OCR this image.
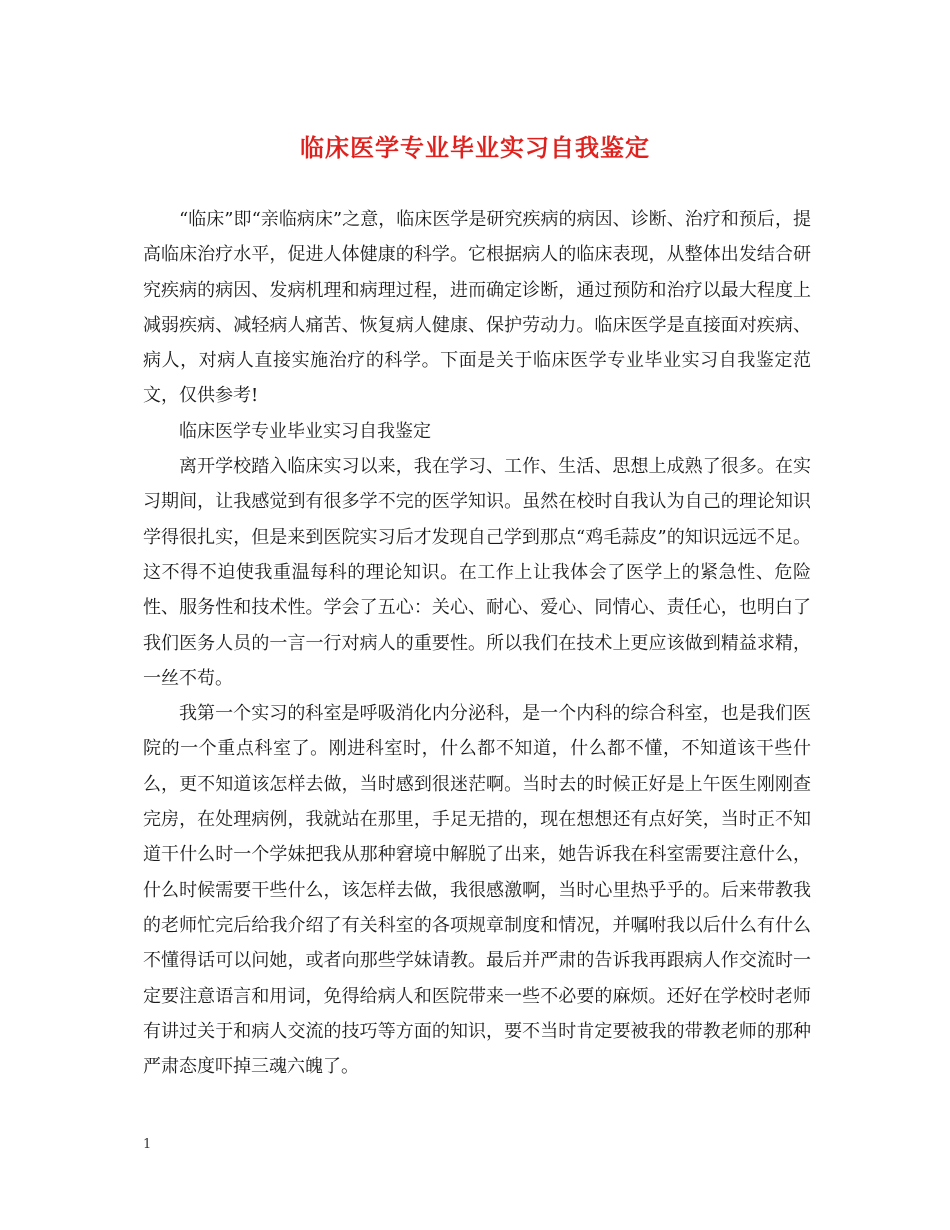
临床医学专业毕业实习自我鉴定

“临床”即“亲临病床”之意，临床医学是研究疾病的病因、诊断、治疗和预后，提高临床治疗水平，促进人体健康的科学。它根据病人的临床表现，从整体出发结合研究疾病的病因、发病机理和病理过程，进而确定诊断，通过预防和治疗以最大程度上减弱疾病、减轻病人痛苦、恢复病人健康、保护劳动力。临床医学是直接面对疾病、病人，对病人直接实施治疗的科学。下面是关于临床医学专业毕业实习自我鉴定范文，仅供参考!

临床医学专业毕业实习自我鉴定

离开学校踏入临床实习以来，我在学习、工作、生活、思想上成熟了很多。在实习期间，让我感觉到有很多学不完的医学知识。虽然在校时自我认为自己的理论知识学得很扎实，但是来到医院实习后才发现自己学到那点“鸡毛蒜皮”的知识远远不足。这不得不迫使我重温每科的理论知识。在工作上让我体会了医学上的紧急性、危险性、服务性和技术性。学会了五心：关心、耐心、爱心、同情心、责任心，也明白了我们医务人员的一言一行对病人的重要性。所以我们在技术上更应该做到精益求精，一丝不苟。

我第一个实习的科室是呼吸消化内分泌科，是一个内科的综合科室，也是我们医院的一个重点科室了。刚进科室时，什么都不知道，什么都不懂，不知道该干些什么，更不知道该怎样去做，当时感到很迷茫啊。当时去的时候正好是上午医生刚刚查完房，在处理病例，我就站在那里，手足无措的，现在想想还有点好笑，当时正不知道干什么时一个学妹把我从那种窘境中解脱了出来，她告诉我在科室需要注意什么，什么时候需要干些什么，该怎样去做，我很感激啊，当时心里热乎乎的。后来带教我的老师忙完后给我介绍了有关科室的各项规章制度和情况，并嘱咐我以后什么有什么不懂得话可以问她，或者向那些学妹请教。最后并严肃的告诉我再跟病人作交流时一定要注意语言和用词，免得给病人和医院带来一些不必要的麻烦。还好在学校时老师有讲过关于和病人交流的技巧等方面的知识，要不当时肯定要被我的带教老师的那种严肃态度吓掉三魂六魄了。

1
